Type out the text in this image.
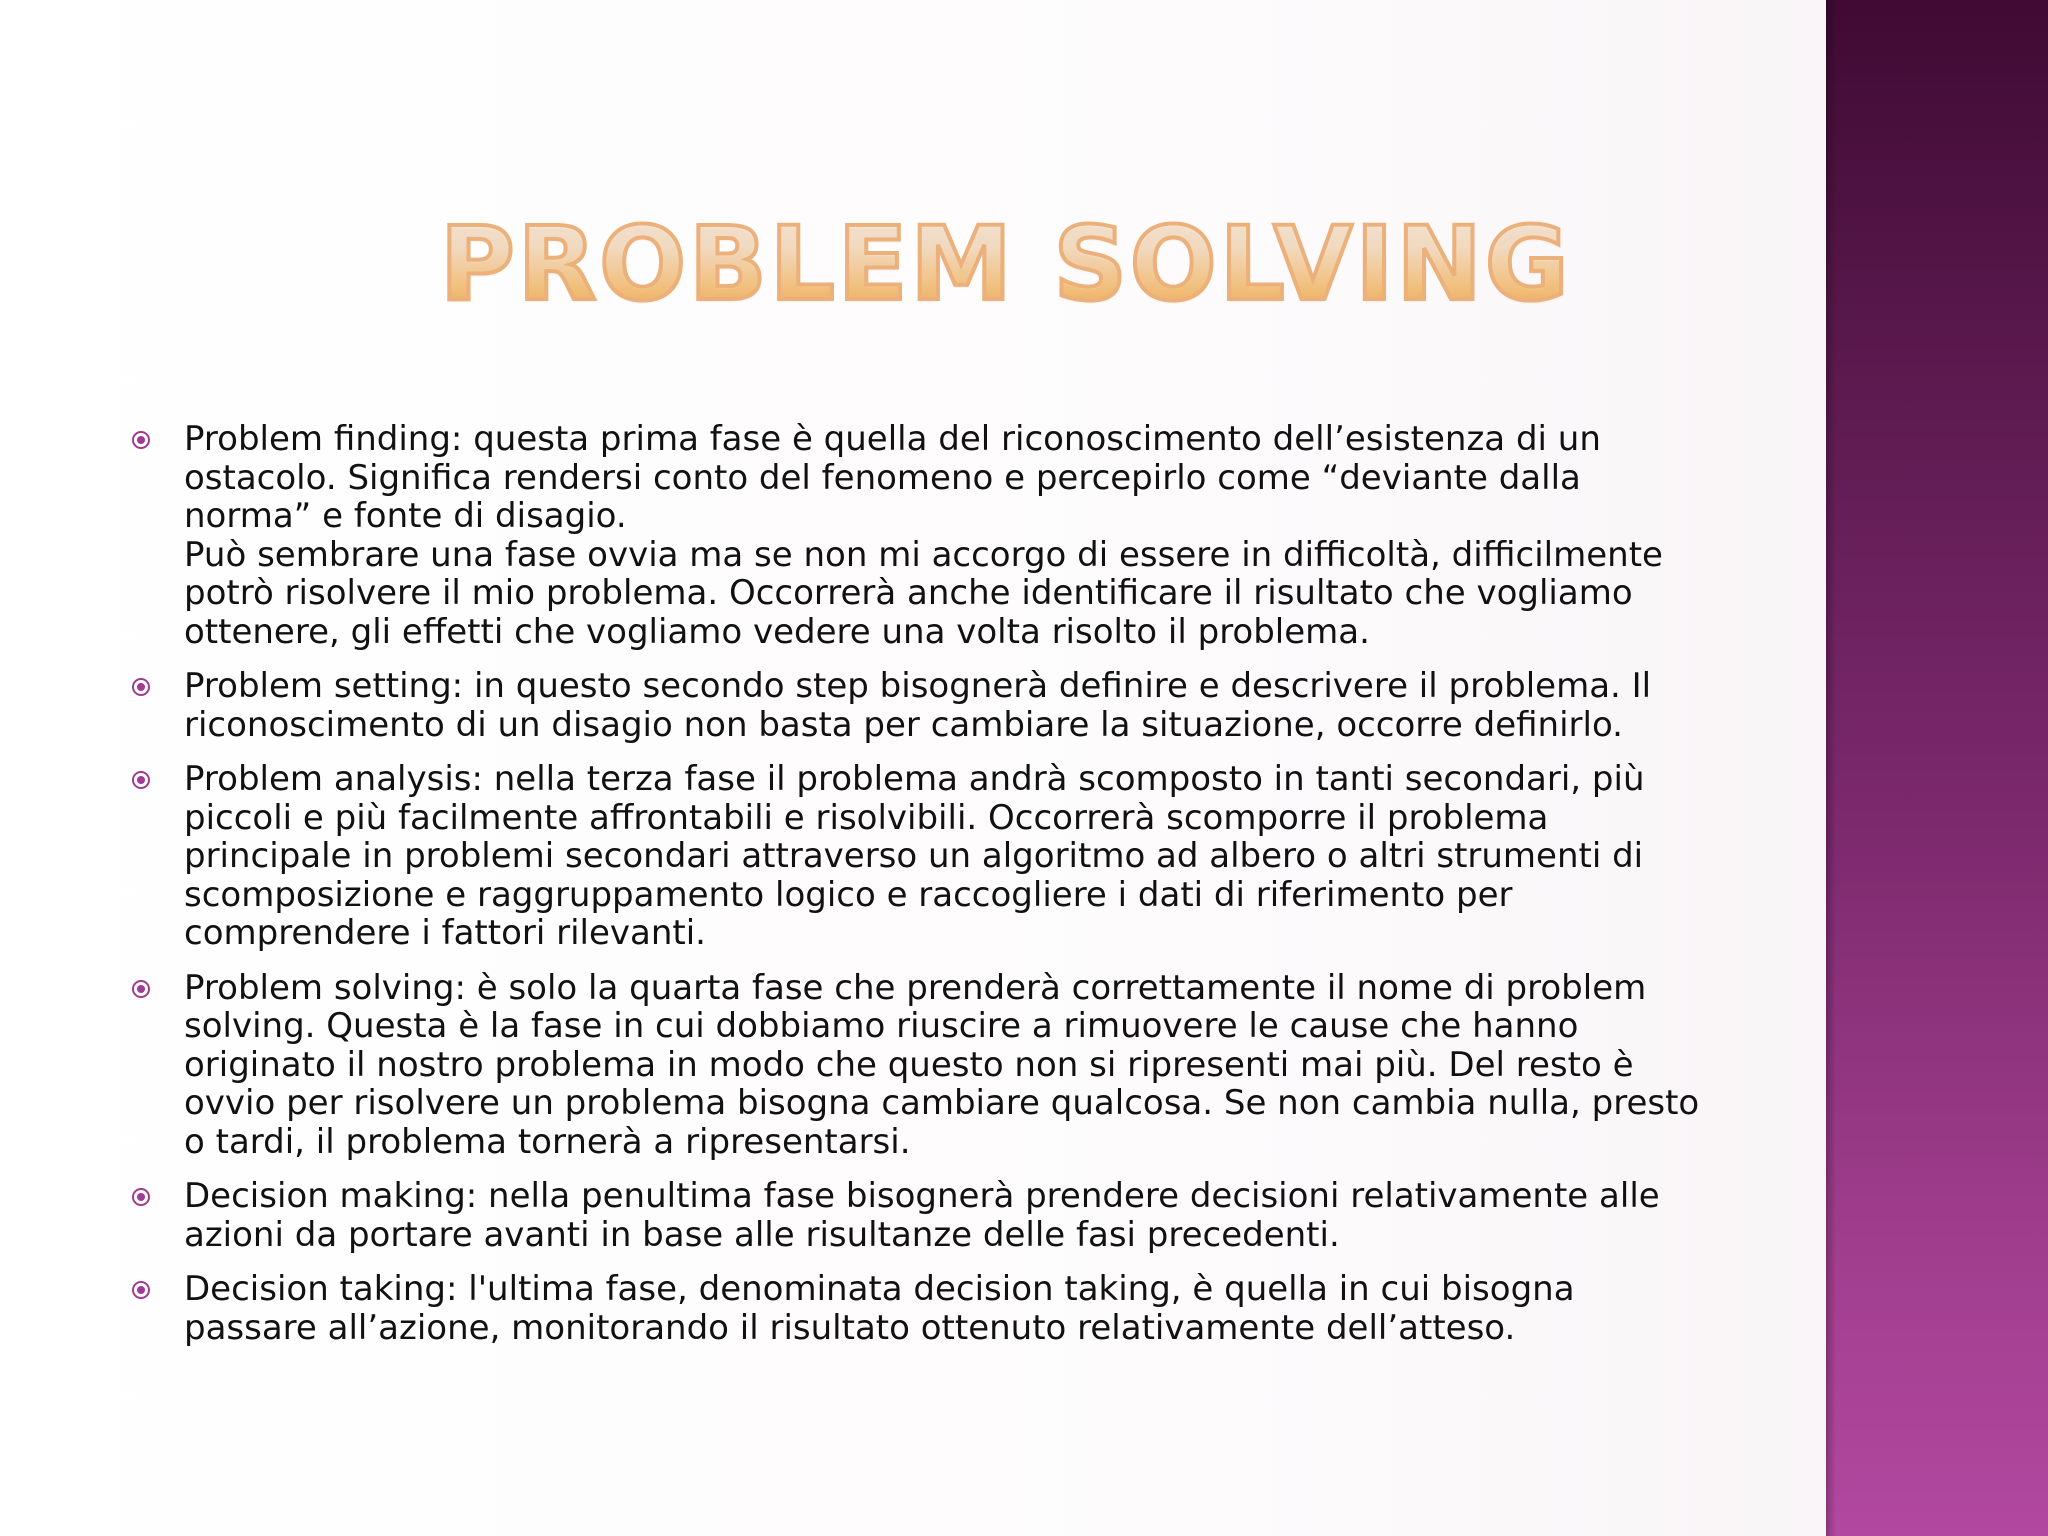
PROBLEM SOLVING
Problem finding: questa prima fase è quella del riconoscimento dell’esistenza di un ostacolo. Significa rendersi conto del fenomeno e percepirlo come “deviante dalla norma” e fonte di disagio.
Può sembrare una fase ovvia ma se non mi accorgo di essere in difficoltà, difficilmente potrò risolvere il mio problema. Occorrerà anche identificare il risultato che vogliamo ottenere, gli effetti che vogliamo vedere una volta risolto il problema.
Problem setting: in questo secondo step bisognerà definire e descrivere il problema. Il riconoscimento di un disagio non basta per cambiare la situazione, occorre definirlo.
Problem analysis: nella terza fase il problema andrà scomposto in tanti secondari, più piccoli e più facilmente affrontabili e risolvibili. Occorrerà scomporre il problema principale in problemi secondari attraverso un algoritmo ad albero o altri strumenti di scomposizione e raggruppamento logico e raccogliere i dati di riferimento per comprendere i fattori rilevanti.
Problem solving: è solo la quarta fase che prenderà correttamente il nome di problem solving. Questa è la fase in cui dobbiamo riuscire a rimuovere le cause che hanno originato il nostro problema in modo che questo non si ripresenti mai più. Del resto è ovvio per risolvere un problema bisogna cambiare qualcosa. Se non cambia nulla, presto o tardi, il problema tornerà a ripresentarsi.
Decision making: nella penultima fase bisognerà prendere decisioni relativamente alle azioni da portare avanti in base alle risultanze delle fasi precedenti.
Decision taking: l'ultima fase, denominata decision taking, è quella in cui bisogna passare all’azione, monitorando il risultato ottenuto relativamente dell’atteso.
